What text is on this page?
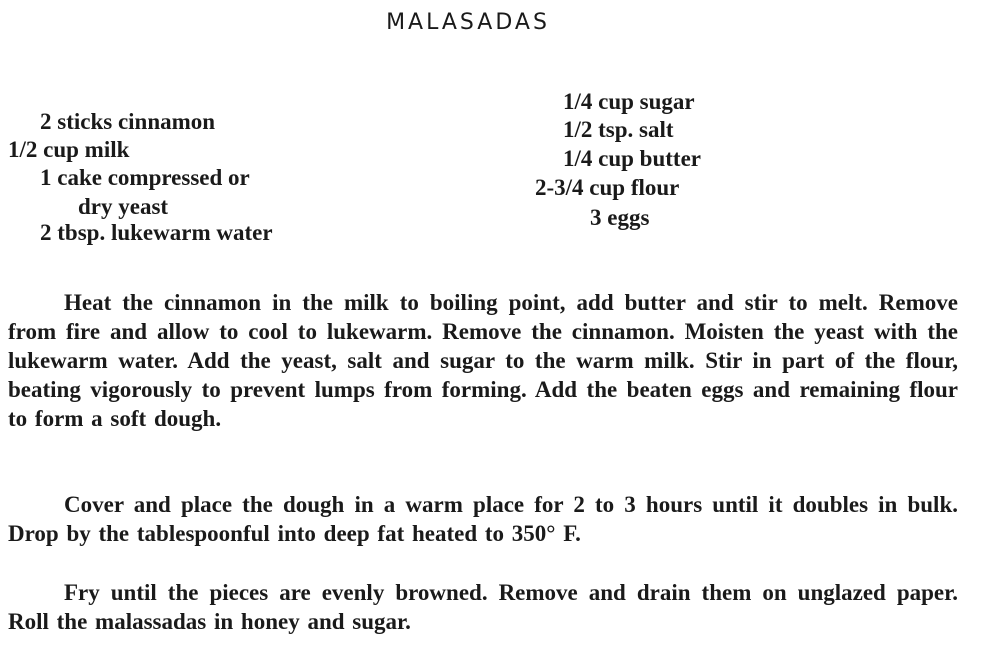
MALASADAS
2 sticks cinnamon
1/2 cup milk
1 cake compressed or
dry yeast
2 tbsp. lukewarm water
1/4 cup sugar
1/2 tsp. salt
1/4 cup butter
2-3/4 cup flour
3 eggs
Heat the cinnamon in the milk to boiling point, add butter and stir to melt. Remove from fire and allow to cool to lukewarm. Remove the cinnamon. Moisten the yeast with the lukewarm water. Add the yeast, salt and sugar to the warm milk. Stir in part of the flour, beating vigorously to prevent lumps from forming. Add the beaten eggs and remaining flour to form a soft dough.
Cover and place the dough in a warm place for 2 to 3 hours until it doubles in bulk. Drop by the tablespoonful into deep fat heated to 350° F.
Fry until the pieces are evenly browned. Remove and drain them on unglazed paper. Roll the malassadas in honey and sugar.
